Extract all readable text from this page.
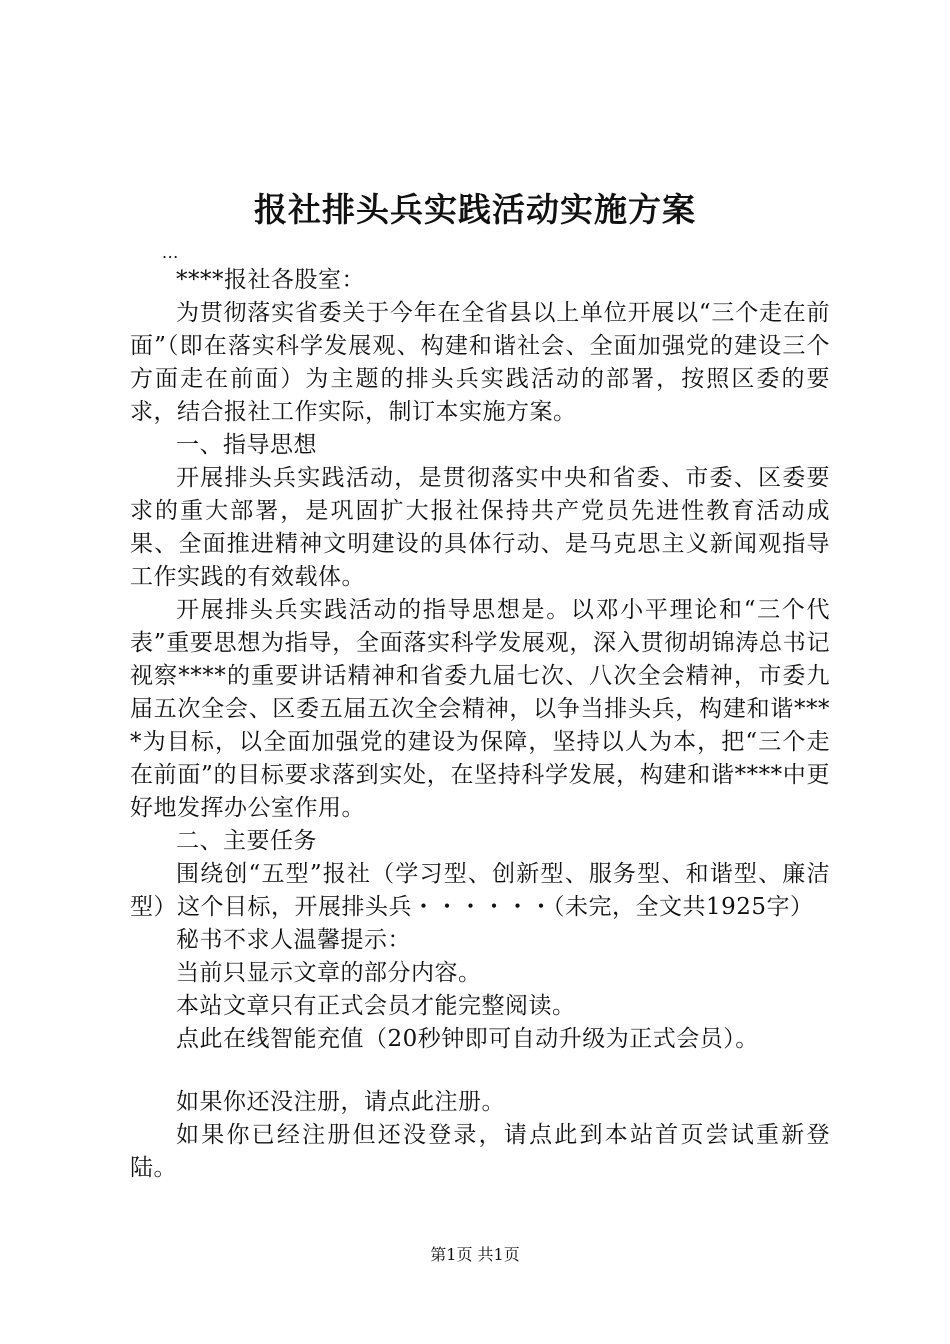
报社排头兵实践活动实施方案

...

****报社各股室：

为贯彻落实省委关于今年在全省县以上单位开展以“三个走在前面”（即在落实科学发展观、构建和谐社会、全面加强党的建设三个方面走在前面）为主题的排头兵实践活动的部署，按照区委的要求，结合报社工作实际，制订本实施方案。

一、指导思想

开展排头兵实践活动，是贯彻落实中央和省委、市委、区委要求的重大部署，是巩固扩大报社保持共产党员先进性教育活动成果、全面推进精神文明建设的具体行动、是马克思主义新闻观指导工作实践的有效载体。

开展排头兵实践活动的指导思想是。以邓小平理论和“三个代表”重要思想为指导，全面落实科学发展观，深入贯彻胡锦涛总书记视察****的重要讲话精神和省委九届七次、八次全会精神，市委九届五次全会、区委五届五次全会精神，以争当排头兵，构建和谐****为目标，以全面加强党的建设为保障，坚持以人为本，把“三个走在前面”的目标要求落到实处，在坚持科学发展，构建和谐****中更好地发挥办公室作用。

二、主要任务

围绕创“五型”报社（学习型、创新型、服务型、和谐型、廉洁型）这个目标，开展排头兵・・・・・・（未完，全文共1925字）

秘书不求人温馨提示：

当前只显示文章的部分内容。

本站文章只有正式会员才能完整阅读。

点此在线智能充值（20秒钟即可自动升级为正式会员）。

如果你还没注册，请点此注册。

如果你已经注册但还没登录，请点此到本站首页尝试重新登陆。

第1页 共1页
